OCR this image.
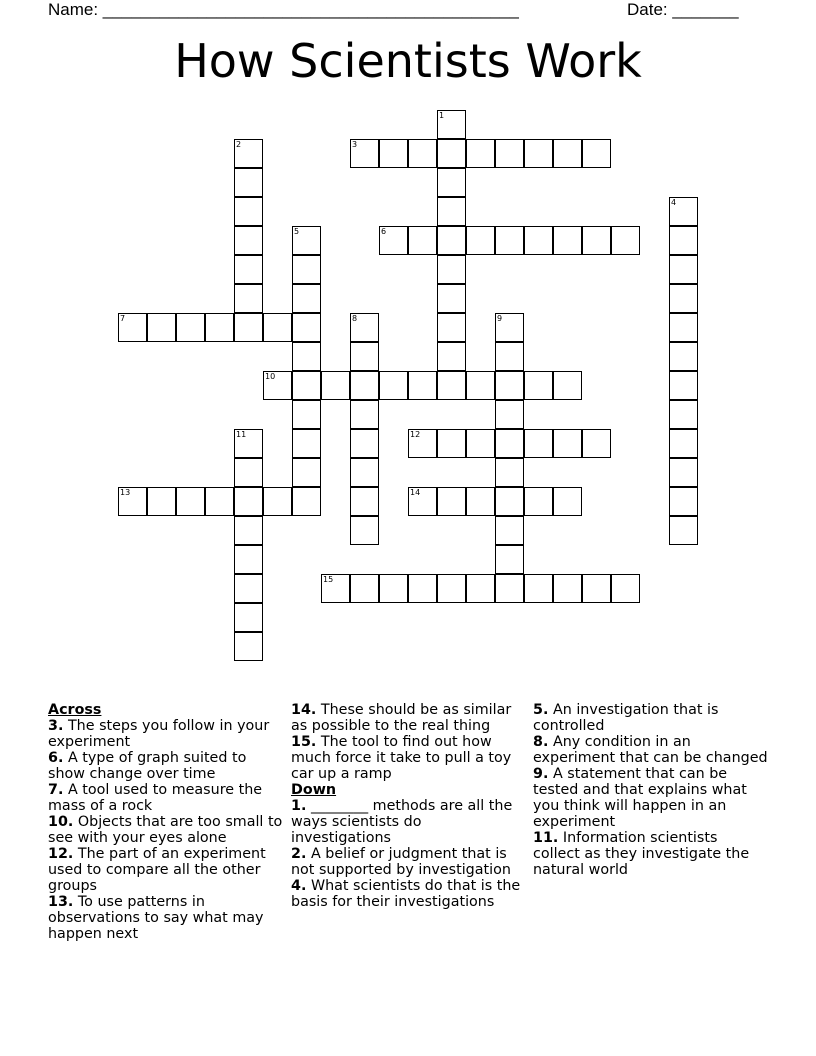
Name: ____________________________________________	Date: _______
How Scientists Work
1
2	3
4
5	6
7	8	9
10
11	12
13	14
15
Across
3. The steps you follow in your experiment
6. A type of graph suited to show change over time
7. A tool used to measure the mass of a rock
10. Objects that are too small to see with your eyes alone
12. The part of an experiment used to compare all the other groups
13. To use patterns in observations to say what may happen next
14. These should be as similar as possible to the real thing
15. The tool to find out how much force it take to pull a toy car up a ramp
Down
1. ________ methods are all the ways scientists do investigations
2. A belief or judgment that is not supported by investigation
4. What scientists do that is the basis for their investigations
5. An investigation that is controlled
8. Any condition in an experiment that can be changed
9. A statement that can be tested and that explains what you think will happen in an experiment
11. Information scientists collect as they investigate the natural world
